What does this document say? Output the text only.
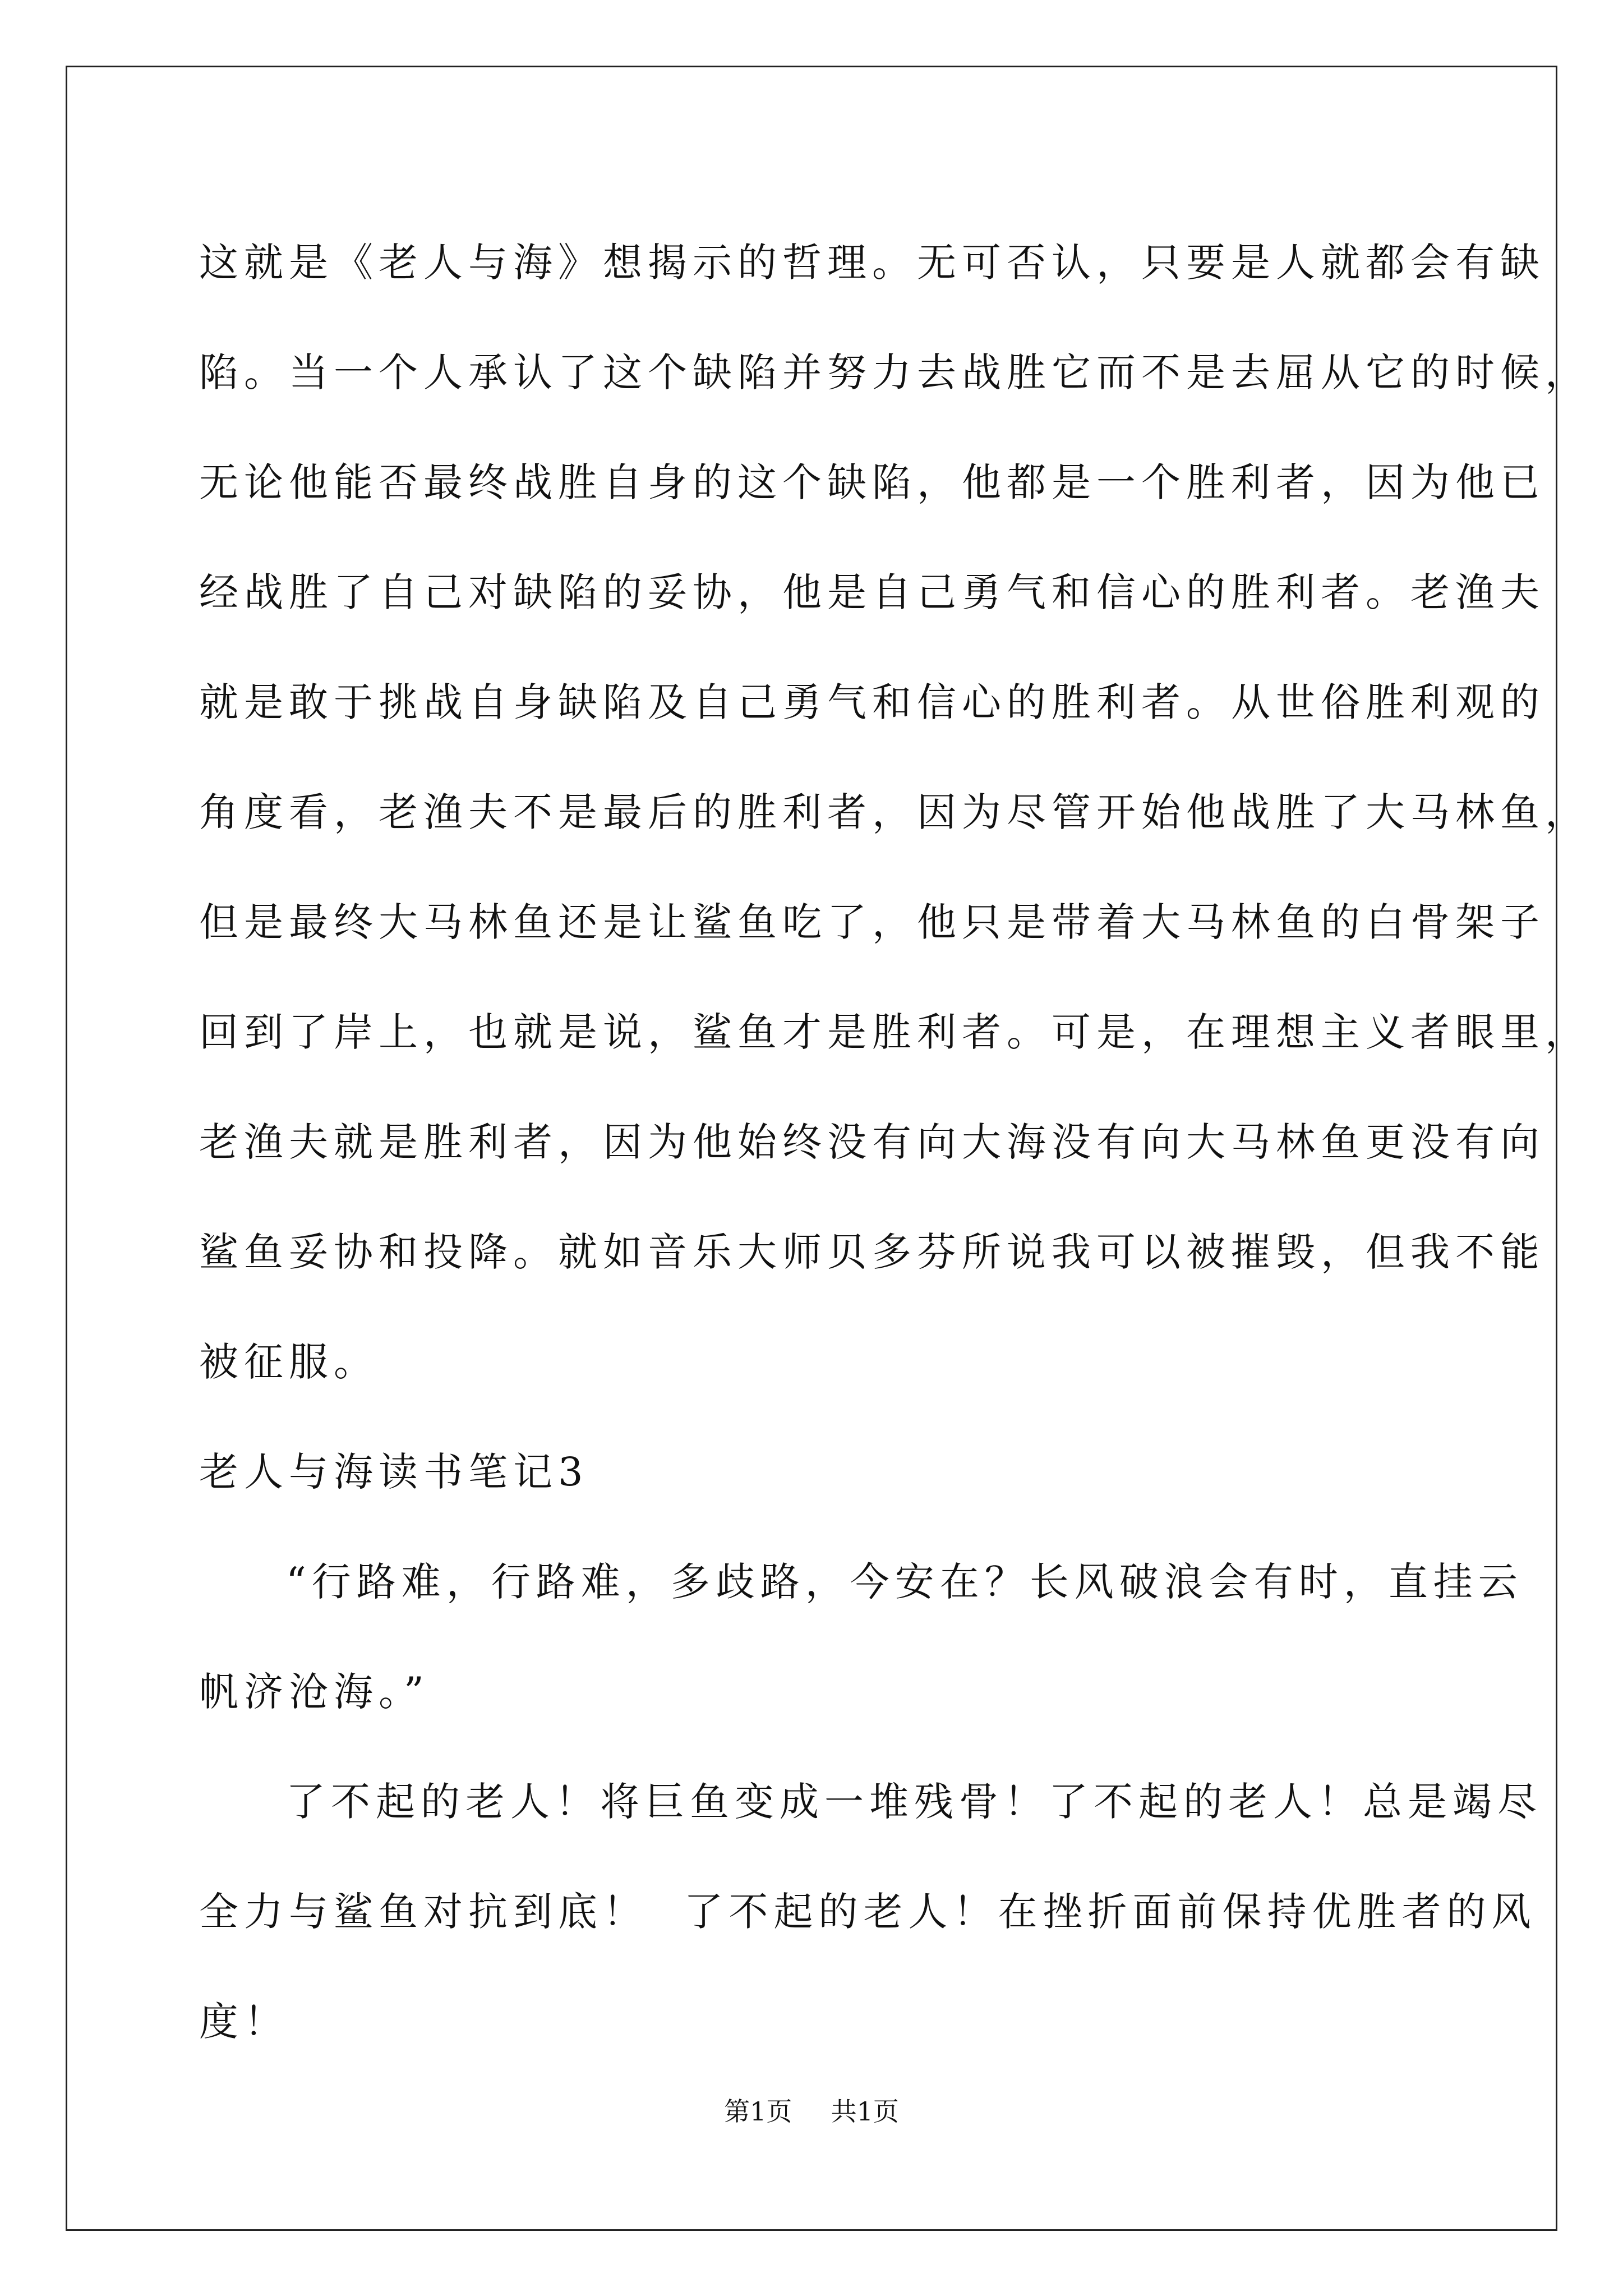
这就是《老人与海》想揭示的哲理。无可否认，只要是人就都会有缺
陷。当一个人承认了这个缺陷并努力去战胜它而不是去屈从它的时候，
无论他能否最终战胜自身的这个缺陷，他都是一个胜利者，因为他已
经战胜了自己对缺陷的妥协，他是自己勇气和信心的胜利者。老渔夫
就是敢于挑战自身缺陷及自己勇气和信心的胜利者。从世俗胜利观的
角度看，老渔夫不是最后的胜利者，因为尽管开始他战胜了大马林鱼，
但是最终大马林鱼还是让鲨鱼吃了，他只是带着大马林鱼的白骨架子
回到了岸上，也就是说，鲨鱼才是胜利者。可是，在理想主义者眼里，
老渔夫就是胜利者，因为他始终没有向大海没有向大马林鱼更没有向
鲨鱼妥协和投降。就如音乐大师贝多芬所说我可以被摧毁，但我不能
被征服。
老人与海读书笔记3
“行路难，行路难，多歧路，今安在？长风破浪会有时，直挂云
帆济沧海。”
了不起的老人！将巨鱼变成一堆残骨！了不起的老人！总是竭尽
全力与鲨鱼对抗到底！  了不起的老人！在挫折面前保持优胜者的风
度！
第1页 共1页
